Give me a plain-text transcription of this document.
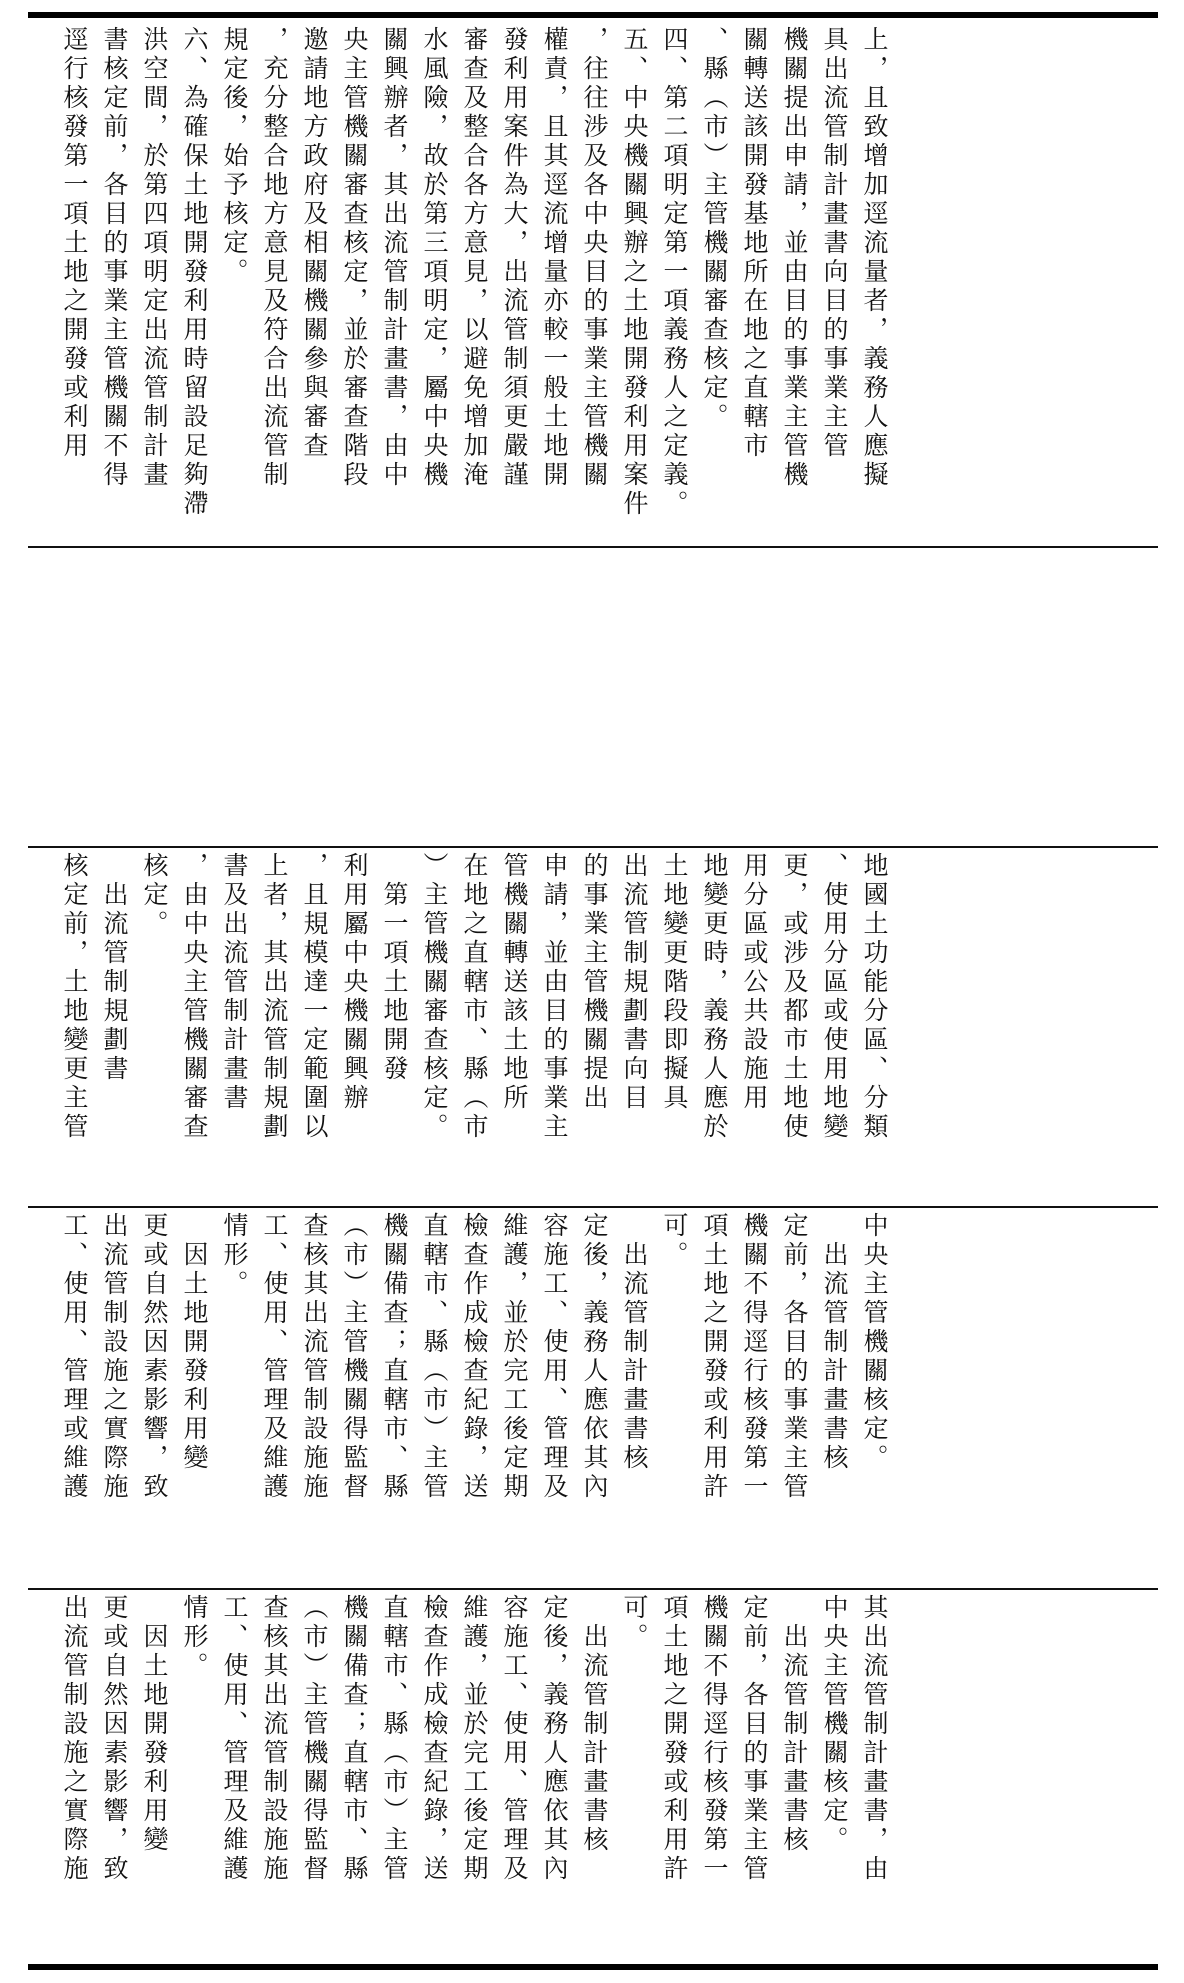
上，且致增加逕流量者，義務人應擬
具出流管制計畫書向目的事業主管
機關提出申請，並由目的事業主管機
關轉送該開發基地所在地之直轄市
、縣（市）主管機關審查核定。
四、第二項明定第一項義務人之定義。
五、中央機關興辦之土地開發利用案件
，往往涉及各中央目的事業主管機關
權責，且其逕流增量亦較一般土地開
發利用案件為大，出流管制須更嚴謹
審查及整合各方意見，以避免增加淹
水風險，故於第三項明定，屬中央機
關興辦者，其出流管制計畫書，由中
央主管機關審查核定，並於審查階段
邀請地方政府及相關機關參與審查
，充分整合地方意見及符合出流管制
規定後，始予核定。
六、為確保土地開發利用時留設足夠滯
洪空間，於第四項明定出流管制計畫
書核定前，各目的事業主管機關不得
逕行核發第一項土地之開發或利用
地國土功能分區、分類
、使用分區或使用地變
更，或涉及都市土地使
用分區或公共設施用
地變更時，義務人應於
土地變更階段即擬具
出流管制規劃書向目
的事業主管機關提出
申請，並由目的事業主
管機關轉送該土地所
在地之直轄市、縣（市
）主管機關審查核定。
　第一項土地開發
利用屬中央機關興辦
，且規模達一定範圍以
上者，其出流管制規劃
書及出流管制計畫書
，由中央主管機關審查
核定。
　出流管制規劃書
核定前，土地變更主管
中央主管機關核定。
　出流管制計畫書核
定前，各目的事業主管
機關不得逕行核發第一
項土地之開發或利用許
可。
　出流管制計畫書核
定後，義務人應依其內
容施工、使用、管理及
維護，並於完工後定期
檢查作成檢查紀錄，送
直轄市、縣（市）主管
機關備查；直轄市、縣
（市）主管機關得監督
查核其出流管制設施施
工、使用、管理及維護
情形。
　因土地開發利用變
更或自然因素影響，致
出流管制設施之實際施
工、使用、管理或維護
其出流管制計畫書，由
中央主管機關核定。
　出流管制計畫書核
定前，各目的事業主管
機關不得逕行核發第一
項土地之開發或利用許
可。
　出流管制計畫書核
定後，義務人應依其內
容施工、使用、管理及
維護，並於完工後定期
檢查作成檢查紀錄，送
直轄市、縣（市）主管
機關備查；直轄市、縣
（市）主管機關得監督
查核其出流管制設施施
工、使用、管理及維護
情形。
　因土地開發利用變
更或自然因素影響，致
出流管制設施之實際施
